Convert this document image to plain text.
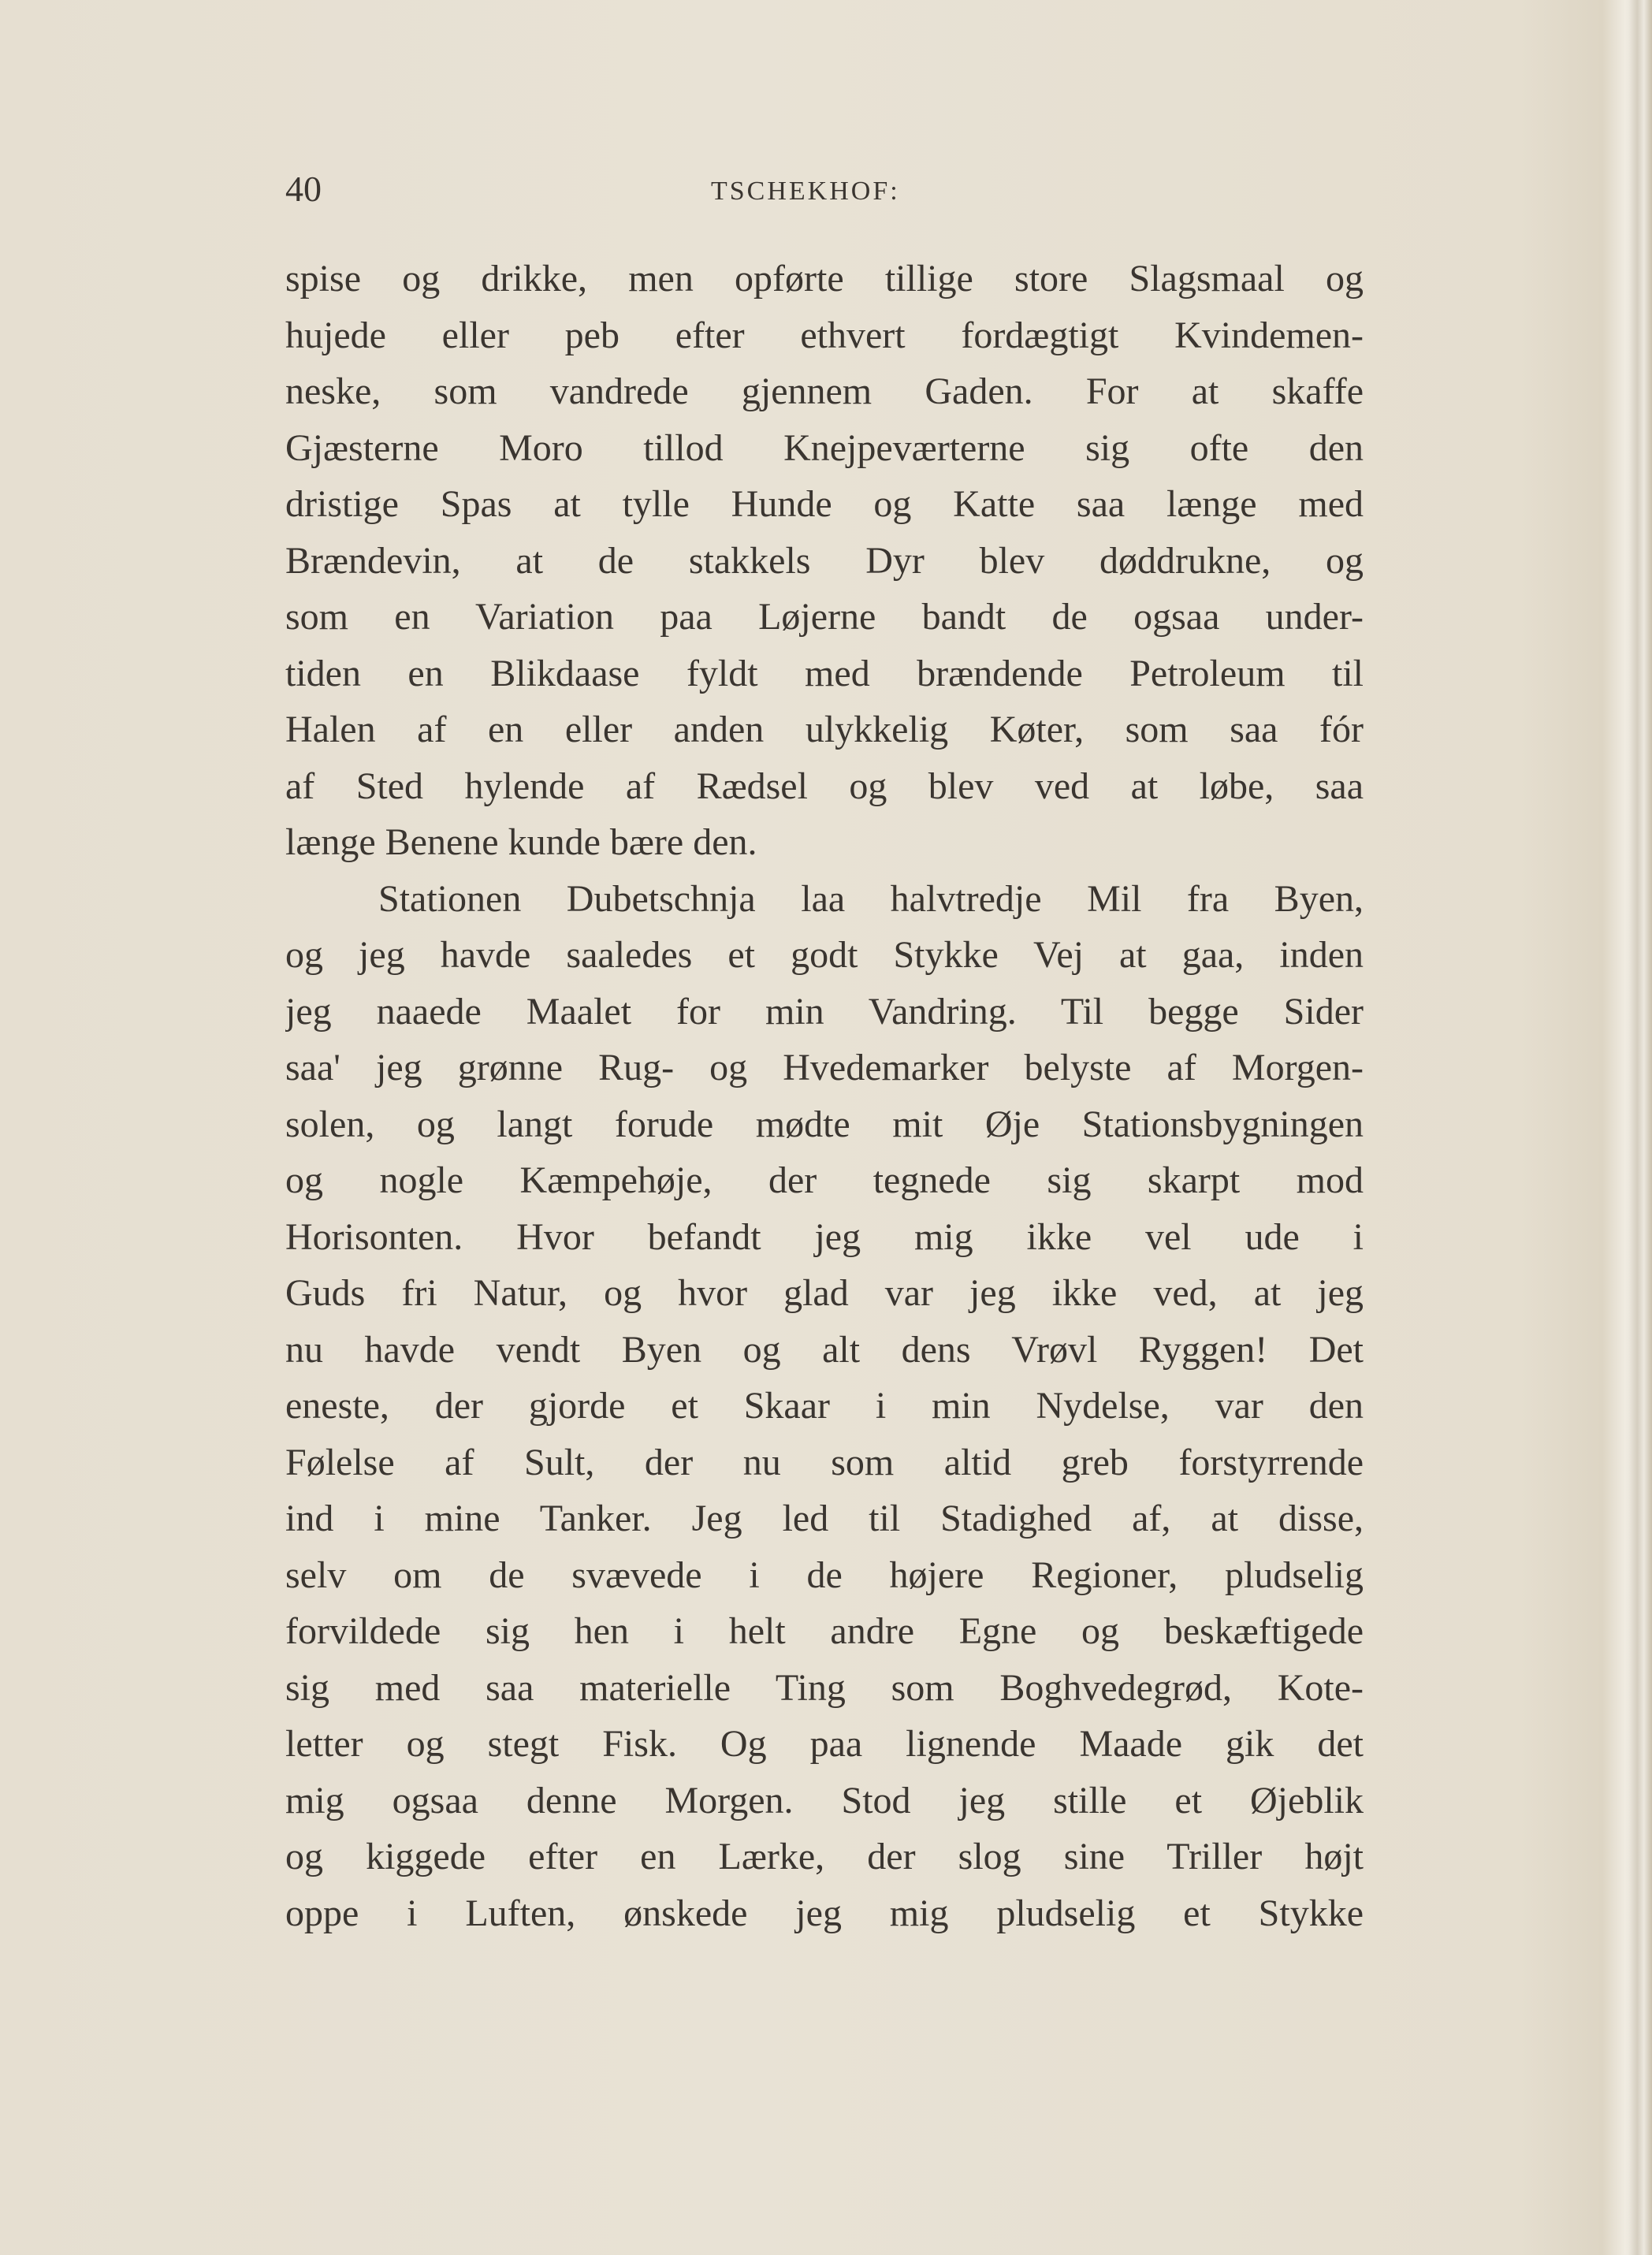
40	TSCHEKHOF:
spise og drikke, men opførte tillige store Slagsmaal og
hujede eller peb efter ethvert fordægtigt Kvindemen-
neske, som vandrede gjennem Gaden. For at skaffe
Gjæsterne Moro tillod Knejpeværterne sig ofte den
dristige Spas at tylle Hunde og Katte saa længe med
Brændevin, at de stakkels Dyr blev døddrukne, og
som en Variation paa Løjerne bandt de ogsaa under-
tiden en Blikdaase fyldt med brændende Petroleum til
Halen af en eller anden ulykkelig Køter, som saa fór
af Sted hylende af Rædsel og blev ved at løbe, saa
længe Benene kunde bære den.
Stationen Dubetschnja laa halvtredje Mil fra Byen,
og jeg havde saaledes et godt Stykke Vej at gaa, inden
jeg naaede Maalet for min Vandring. Til begge Sider
saa' jeg grønne Rug- og Hvedemarker belyste af Morgen-
solen, og langt forude mødte mit Øje Stationsbygningen
og nogle Kæmpehøje, der tegnede sig skarpt mod
Horisonten. Hvor befandt jeg mig ikke vel ude i
Guds fri Natur, og hvor glad var jeg ikke ved, at jeg
nu havde vendt Byen og alt dens Vrøvl Ryggen! Det
eneste, der gjorde et Skaar i min Nydelse, var den
Følelse af Sult, der nu som altid greb forstyrrende
ind i mine Tanker. Jeg led til Stadighed af, at disse,
selv om de svævede i de højere Regioner, pludselig
forvildede sig hen i helt andre Egne og beskæftigede
sig med saa materielle Ting som Boghvedegrød, Kote-
letter og stegt Fisk. Og paa lignende Maade gik det
mig ogsaa denne Morgen. Stod jeg stille et Øjeblik
og kiggede efter en Lærke, der slog sine Triller højt
oppe i Luften, ønskede jeg mig pludselig et Stykke
